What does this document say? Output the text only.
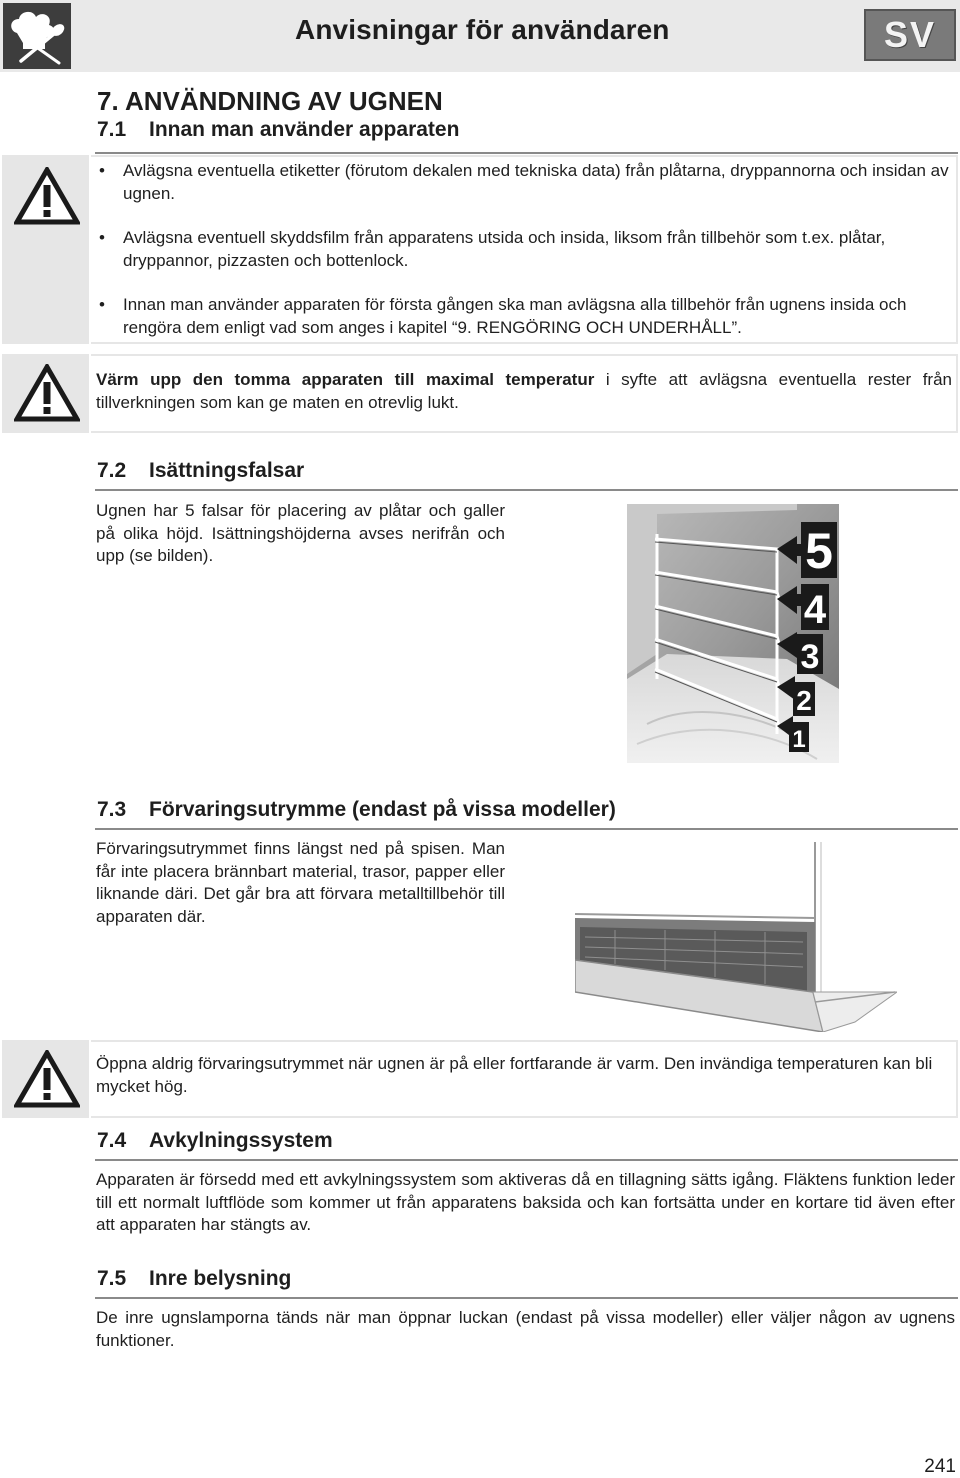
Anvisningar för användaren	SV
7. ANVÄNDNING AV UGNEN
7.1 Innan man använder apparaten
• Avlägsna eventuella etiketter (förutom dekalen med tekniska data) från plåtarna, dryppannorna och insidan av ugnen.
• Avlägsna eventuell skyddsfilm från apparatens utsida och insida, liksom från tillbehör som t.ex. plåtar, dryppannor, pizzasten och bottenlock.
• Innan man använder apparaten för första gången ska man avlägsna alla tillbehör från ugnens insida och rengöra dem enligt vad som anges i kapitel “9. RENGÖRING OCH UNDERHÅLL”.
Värm upp den tomma apparaten till maximal temperatur i syfte att avlägsna eventuella rester från tillverkningen som kan ge maten en otrevlig lukt.
7.2 Isättningsfalsar
Ugnen har 5 falsar för placering av plåtar och galler på olika höjd. Isättningshöjderna avses nerifrån och upp (se bilden).	5
4
3
2
1
7.3 Förvaringsutrymme (endast på vissa modeller)
Förvaringsutrymmet finns längst ned på spisen. Man får inte placera brännbart material, trasor, papper eller liknande däri. Det går bra att förvara metalltillbehör till apparaten där.
Öppna aldrig förvaringsutrymmet när ugnen är på eller fortfarande är varm. Den invändiga temperaturen kan bli mycket hög.
7.4 Avkylningssystem
Apparaten är försedd med ett avkylningssystem som aktiveras då en tillagning sätts igång. Fläktens funktion leder till ett normalt luftflöde som kommer ut från apparatens baksida och kan fortsätta under en kortare tid även efter att apparaten har stängts av.
7.5 Inre belysning
De inre ugnslamporna tänds när man öppnar luckan (endast på vissa modeller) eller väljer någon av ugnens funktioner.
241
